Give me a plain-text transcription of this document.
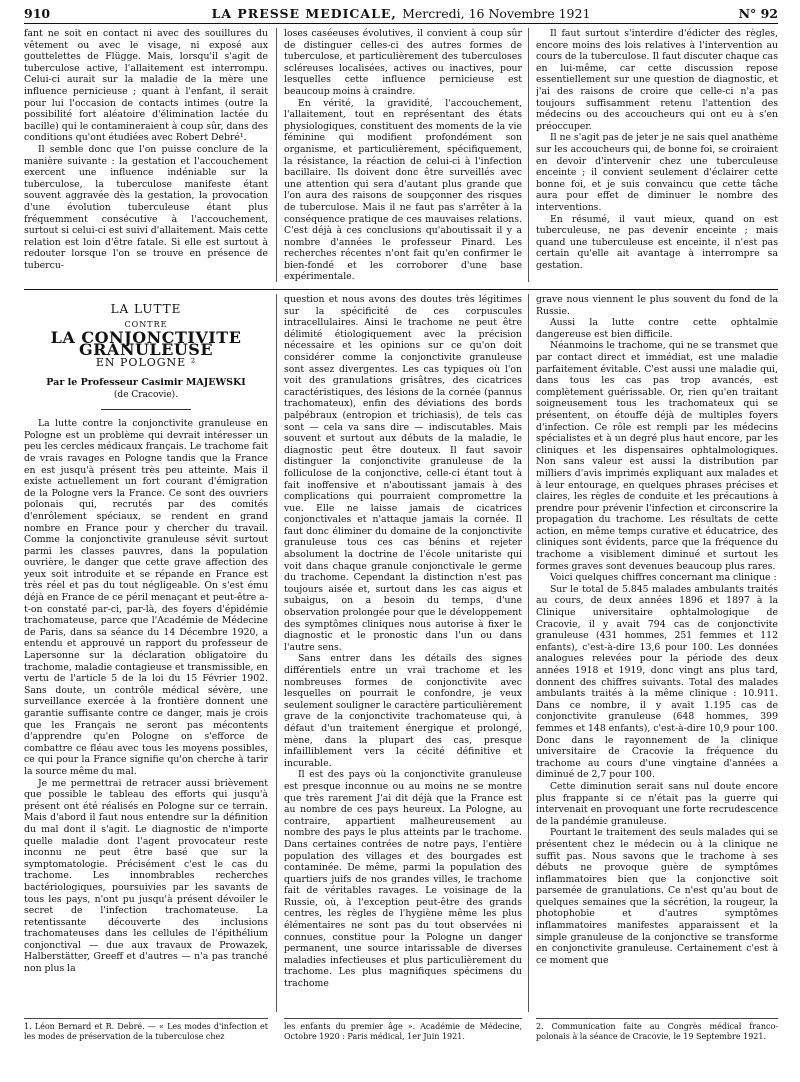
910	LA PRESSE MEDICALE, Mercredi, 16 Novembre 1921	N° 92

fant ne soit en contact ni avec des souillures du vêtement ou avec le visage, ni exposé aux gouttelettes de Flügge. Mais, lorsqu'il s'agit de tuberculose active, l'allaitement est interrompu. Celui-ci aurait sur la maladie de la mère une influence pernicieuse ; quant à l'enfant, il serait pour lui l'occasion de contacts intimes (outre la possibilité fort aléatoire d'élimination lactée du bacille) qui le contamineraient à coup sûr, dans des conditions qu'ont étudiées avec Robert Debré¹.

Il semble donc que l'on puisse conclure de la manière suivante : la gestation et l'accouchement exercent une influence indéniable sur la tuberculose, la tuberculose manifeste étant souvent aggravée dès la gestation, la provocation d'une évolution tuberculeuse étant plus fréquemment consécutive à l'accouchement, surtout si celui-ci est suivi d'allaitement. Mais cette relation est loin d'être fatale. Si elle est surtout à redouter lorsque l'on se trouve en présence de tubercu-

loses caséeuses évolutives, il convient à coup sûr de distinguer celles-ci des autres formes de tuberculose, et particulièrement des tuberculoses scléreuses localisées, actives ou inactives, pour lesquelles cette influence pernicieuse est beaucoup moins à craindre.

En vérité, la gravidité, l'accouchement, l'allaitement, tout en représentant des états physiologiques, constituent des moments de la vie féminine qui modifient profondément son organisme, et particulièrement, spécifiquement, la résistance, la réaction de celui-ci à l'infection bacillaire. Ils doivent donc être surveillés avec une attention qui sera d'autant plus grande que l'on aura des raisons de soupçonner des risques de tuberculose. Mais il ne faut pas s'arrêter à la conséquence pratique de ces mauvaises relations. C'est déjà à ces conclusions qu'aboutissait il y a nombre d'années le professeur Pinard. Les recherches récentes n'ont fait qu'en confirmer le bien-fondé et les corroborer d'une base expérimentale.

Il faut surtout s'interdire d'édicter des règles, encore moins des lois relatives à l'intervention au cours de la tuberculose. Il faut discuter chaque cas en lui-même, car cette discussion repose essentiellement sur une question de diagnostic, et j'ai des raisons de croire que celle-ci n'a pas toujours suffisamment retenu l'attention des médecins ou des accoucheurs qui ont eu à s'en préoccuper.

Il ne s'agit pas de jeter je ne sais quel anathème sur les accoucheurs qui, de bonne foi, se croiraient en devoir d'intervenir chez une tuberculeuse enceinte ; il convient seulement d'éclairer cette bonne foi, et je suis convaincu que cette tâche aura pour effet de diminuer le nombre des interventions.

En résumé, il vaut mieux, quand on est tuberculeuse, ne pas devenir enceinte ; mais quand une tuberculeuse est enceinte, il n'est pas certain qu'elle ait avantage à interrompre sa gestation.

LA LUTTE
CONTRE
LA CONJONCTIVITE GRANULEUSE
EN POLOGNE ²
Par le Professeur Casimir MAJEWSKI
(de Cracovie).

La lutte contre la conjonctivite granuleuse en Pologne est un problème qui devrait intéresser un peu les cercles médicaux français. Le trachome fait de vrais ravages en Pologne tandis que la France en est jusqu'à présent très peu atteinte. Mais il existe actuellement un fort courant d'émigration de la Pologne vers la France. Ce sont des ouvriers polonais qui, recrutés par des comités d'enrôlement spéciaux, se rendent en grand nombre en France pour y chercher du travail. Comme la conjonctivite granuleuse sévit surtout parmi les classes pauvres, dans la population ouvrière, le danger que cette grave affection des yeux soit introduite et se répande en France est très réel et pas du tout négligeable. On s'est ému déjà en France de ce péril menaçant et peut-être a-t-on constaté par-ci, par-là, des foyers d'épidémie trachomateuse, parce que l'Académie de Médecine de Paris, dans sa séance du 14 Décembre 1920, a entendu et approuvé un rapport du professeur de Lapersonne sur la déclaration obligatoire du trachome, maladie contagieuse et transmissible, en vertu de l'article 5 de la loi du 15 Février 1902. Sans doute, un contrôle médical sévère, une surveillance exercée à la frontière donnent une garantie suffisante contre ce danger, mais je crois que les Français ne seront pas mécontents d'apprendre qu'en Pologne on s'efforce de combattre ce fléau avec tous les moyens possibles, ce qui pour la France signifie qu'on cherche à tarir la source même du mal.

Je me permettrai de retracer aussi brièvement que possible le tableau des efforts qui jusqu'à présent ont été réalisés en Pologne sur ce terrain. Mais d'abord il faut nous entendre sur la définition du mal dont il s'agit. Le diagnostic de n'importe quelle maladie dont l'agent provocateur reste inconnu ne peut être basé que sur la symptomatologie. Précisément c'est le cas du trachome. Les innombrables recherches bactériologiques, poursuivies par les savants de tous les pays, n'ont pu jusqu'à présent dévoiler le secret de l'infection trachomateuse. La retentissante découverte des inclusions trachomateuses dans les cellules de l'épithélium conjonctival — due aux travaux de Prowazek, Halberstätter, Greeff et d'autres — n'a pas tranché non plus la

question et nous avons des doutes très légitimes sur la spécificité de ces corpuscules intracellulaires. Ainsi le trachome ne peut être délimité étiologiquement avec la précision nécessaire et les opinions sur ce qu'on doit considérer comme la conjonctivite granuleuse sont assez divergentes. Les cas typiques où l'on voit des granulations grisâtres, des cicatrices caractéristiques, des lésions de la cornée (pannus trachomateux), enfin des déviations des bords palpébraux (entropion et trichiasis), de tels cas sont — cela va sans dire — indiscutables. Mais souvent et surtout aux débuts de la maladie, le diagnostic peut être douteux. Il faut savoir distinguer la conjonctivite granuleuse de la folliculose de la conjonctive, celle-ci étant tout à fait inoffensive et n'aboutissant jamais à des complications qui pourraient compromettre la vue. Elle ne laisse jamais de cicatrices conjonctivales et n'attaque jamais la cornée. Il faut donc éliminer du domaine de la conjonctivite granuleuse tous ces cas bénins et rejeter absolument la doctrine de l'école unitariste qui voit dans chaque granule conjonctivale le germe du trachome. Cependant la distinction n'est pas toujours aisée et, surtout dans les cas aigus et subaigus, on a besoin du temps, d'une observation prolongée pour que le développement des symptômes cliniques nous autorise à fixer le diagnostic et le pronostic dans l'un ou dans l'autre sens.

Sans entrer dans les détails des signes différentiels entre un vrai trachome et les nombreuses formes de conjonctivite avec lesquelles on pourrait le confondre, je veux seulement souligner le caractère particulièrement grave de la conjonctivite trachomateuse qui, à défaut d'un traitement énergique et prolongé, mène, dans la plupart des cas, presque infailliblement vers la cécité définitive et incurable.

Il est des pays où la conjonctivite granuleuse est presque inconnue ou au moins ne se montre que très rarement J'ai dit déjà que la France est au nombre de ces pays heureux. La Pologne, au contraire, appartient malheureusement au nombre des pays le plus atteints par le trachome. Dans certaines contrées de notre pays, l'entière population des villages et des bourgades est contaminée. De même, parmi la population des quartiers juifs de nos grandes villes, le trachome fait de véritables ravages. Le voisinage de la Russie, où, à l'exception peut-être des grands centres, les règles de l'hygiène même les plus élémentaires ne sont pas du tout observées ni connues, constitue pour la Pologne un danger permanent, une source intarissable de diverses maladies infectieuses et plus particulièrement du trachome. Les plus magnifiques spécimens du trachome

grave nous viennent le plus souvent du fond de la Russie.

Aussi la lutte contre cette ophtalmie dangereuse est bien difficile.

Néanmoins le trachome, qui ne se transmet que par contact direct et immédiat, est une maladie parfaitement évitable. C'est aussi une maladie qui, dans tous les cas pas trop avancés, est complètement guérissable. Or, rien qu'en traitant soigneusement tous les trachomateux qui se présentent, on étouffe déjà de multiples foyers d'infection. Ce rôle est rempli par les médecins spécialistes et à un degré plus haut encore, par les cliniques et les dispensaires ophtalmologiques. Non sans valeur est aussi la distribution par milliers d'avis imprimés expliquant aux malades et à leur entourage, en quelques phrases précises et claires, les règles de conduite et les précautions à prendre pour prévenir l'infection et circonscrire la propagation du trachome. Les résultats de cette action, en même temps curative et éducatrice, des cliniques sont évidents, parce que la fréquence du trachome a visiblement diminué et surtout les formes graves sont devenues beaucoup plus rares.

Voici quelques chiffres concernant ma clinique :

Sur le total de 5.845 malades ambulants traités au cours, de deux années 1896 et 1897 à la Clinique universitaire ophtalmologique de Cracovie, il y avait 794 cas de conjonctivite granuleuse (431 hommes, 251 femmes et 112 enfants), c'est-à-dire 13,6 pour 100. Les données analogues relevées pour la période des deux années 1918 et 1919, donc vingt ans plus tard, donnent des chiffres suivants. Total des malades ambulants traités à la même clinique : 10.911. Dans ce nombre, il y avait 1.195 cas de conjonctivite granuleuse (648 hommes, 399 femmes et 148 enfants), c'est-à-dire 10,9 pour 100. Donc dans le rayonnement de la clinique universitaire de Cracovie la fréquence du trachome au cours d'une vingtaine d'années a diminué de 2,7 pour 100.

Cette diminution serait sans nul doute encore plus frappante si ce n'était pas la guerre qui intervenait en provoquant une forte recrudescence de la pandémie granuleuse.

Pourtant le traitement des seuls malades qui se présentent chez le médecin ou à la clinique ne suffit pas. Nous savons que le trachome à ses débuts ne provoque guère de symptômes inflammatoires bien que la conjonctive soit parsemée de granulations. Ce n'est qu'au bout de quelques semaines que la sécrétion, la rougeur, la photophobie et d'autres symptômes inflammatoires manifestes apparaissent et la simple granuleuse de la conjonctive se transforme en conjonctivite granuleuse. Certainement c'est à ce moment que

1. Léon Bernard et R. Debré. — « Les modes d'infection et les modes de préservation de la tuberculose chez
les enfants du premier âge ». Académie de Médecine, Octobre 1920 : Paris médical, 1er Juin 1921.
2. Communication faite au Congrès médical franco-polonais à la séance de Cracovie, le 19 Septembre 1921.
